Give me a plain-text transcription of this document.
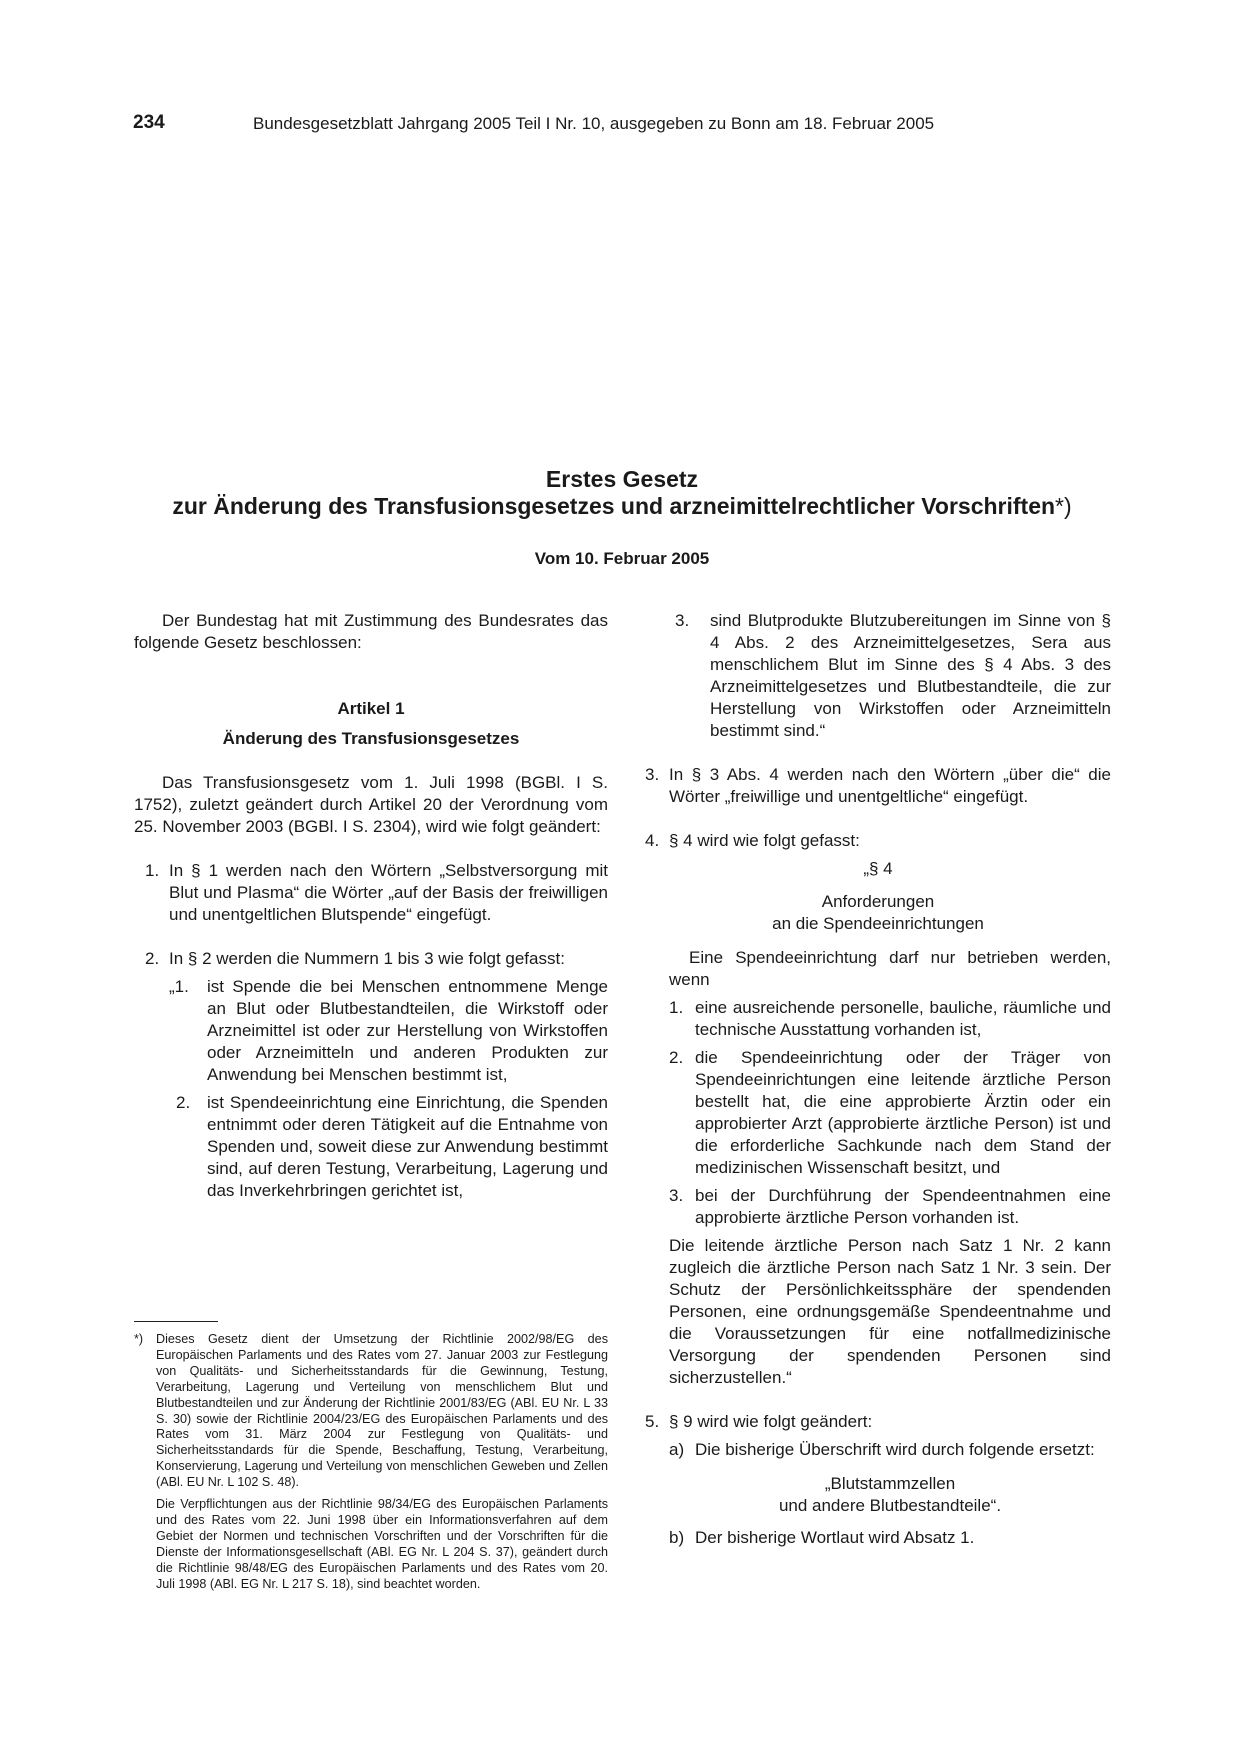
234	Bundesgesetzblatt Jahrgang 2005 Teil I Nr. 10, ausgegeben zu Bonn am 18. Februar 2005
Erstes Gesetz
zur Änderung des Transfusionsgesetzes und arzneimittelrechtlicher Vorschriften*)
Vom 10. Februar 2005

Der Bundestag hat mit Zustimmung des Bundesrates das folgende Gesetz beschlossen:

Artikel 1

Änderung des Transfusionsgesetzes

Das Transfusionsgesetz vom 1. Juli 1998 (BGBl. I S. 1752), zuletzt geändert durch Artikel 20 der Verordnung vom 25. November 2003 (BGBl. I S. 2304), wird wie folgt geändert:

1. In § 1 werden nach den Wörtern „Selbstversorgung mit Blut und Plasma“ die Wörter „auf der Basis der freiwilligen und unentgeltlichen Blutspende“ eingefügt.
2. In § 2 werden die Nummern 1 bis 3 wie folgt gefasst:
„1.	ist Spende die bei Menschen entnommene Menge an Blut oder Blutbestandteilen, die Wirkstoff oder Arzneimittel ist oder zur Herstellung von Wirkstoffen oder Arzneimitteln und anderen Produkten zur Anwendung bei Menschen bestimmt ist,
2. ist Spendeeinrichtung eine Einrichtung, die Spenden entnimmt oder deren Tätigkeit auf die Entnahme von Spenden und, soweit diese zur Anwendung bestimmt sind, auf deren Testung, Verarbeitung, Lagerung und das Inverkehrbringen gerichtet ist,
*)	Dieses Gesetz dient der Umsetzung der Richtlinie 2002/98/EG des Europäischen Parlaments und des Rates vom 27. Januar 2003 zur Festlegung von Qualitäts- und Sicherheitsstandards für die Gewinnung, Testung, Verarbeitung, Lagerung und Verteilung von menschlichem Blut und Blutbestandteilen und zur Änderung der Richtlinie 2001/83/EG (ABl. EU Nr. L 33 S. 30) sowie der Richtlinie 2004/23/EG des Europäischen Parlaments und des Rates vom 31. März 2004 zur Festlegung von Qualitäts- und Sicherheitsstandards für die Spende, Beschaffung, Testung, Verarbeitung, Konservierung, Lagerung und Verteilung von menschlichen Geweben und Zellen (ABl. EU Nr. L 102 S. 48).

Die Verpflichtungen aus der Richtlinie 98/34/EG des Europäischen Parlaments und des Rates vom 22. Juni 1998 über ein Informationsverfahren auf dem Gebiet der Normen und technischen Vorschriften und der Vorschriften für die Dienste der Informationsgesellschaft (ABl. EG Nr. L 204 S. 37), geändert durch die Richtlinie 98/48/EG des Europäischen Parlaments und des Rates vom 20. Juli 1998 (ABl. EG Nr. L 217 S. 18), sind beachtet worden.

3.	sind Blutprodukte Blutzubereitungen im Sinne von § 4 Abs. 2 des Arzneimittelgesetzes, Sera aus menschlichem Blut im Sinne des § 4 Abs. 3 des Arzneimittelgesetzes und Blutbestandteile, die zur Herstellung von Wirkstoffen oder Arzneimitteln bestimmt sind.“
3. In § 3 Abs. 4 werden nach den Wörtern „über die“ die Wörter „freiwillige und unentgeltliche“ eingefügt.
4. § 4 wird wie folgt gefasst:

„§ 4

Anforderungen

an die Spendeeinrichtungen

Eine Spendeeinrichtung darf nur betrieben werden, wenn

1. eine ausreichende personelle, bauliche, räumliche und technische Ausstattung vorhanden ist,
2. die Spendeeinrichtung oder der Träger von Spendeeinrichtungen eine leitende ärztliche Person bestellt hat, die eine approbierte Ärztin oder ein approbierter Arzt (approbierte ärztliche Person) ist und die erforderliche Sachkunde nach dem Stand der medizinischen Wissenschaft besitzt, und
3. bei der Durchführung der Spendeentnahmen eine approbierte ärztliche Person vorhanden ist.

Die leitende ärztliche Person nach Satz 1 Nr. 2 kann zugleich die ärztliche Person nach Satz 1 Nr. 3 sein. Der Schutz der Persönlichkeitssphäre der spendenden Personen, eine ordnungsgemäße Spendeentnahme und die Voraussetzungen für eine notfallmedizinische Versorgung der spendenden Personen sind sicherzustellen.“

5. § 9 wird wie folgt geändert:
a) Die bisherige Überschrift wird durch folgende ersetzt:

„Blutstammzellen

und andere Blutbestandteile“.

b) Der bisherige Wortlaut wird Absatz 1.
